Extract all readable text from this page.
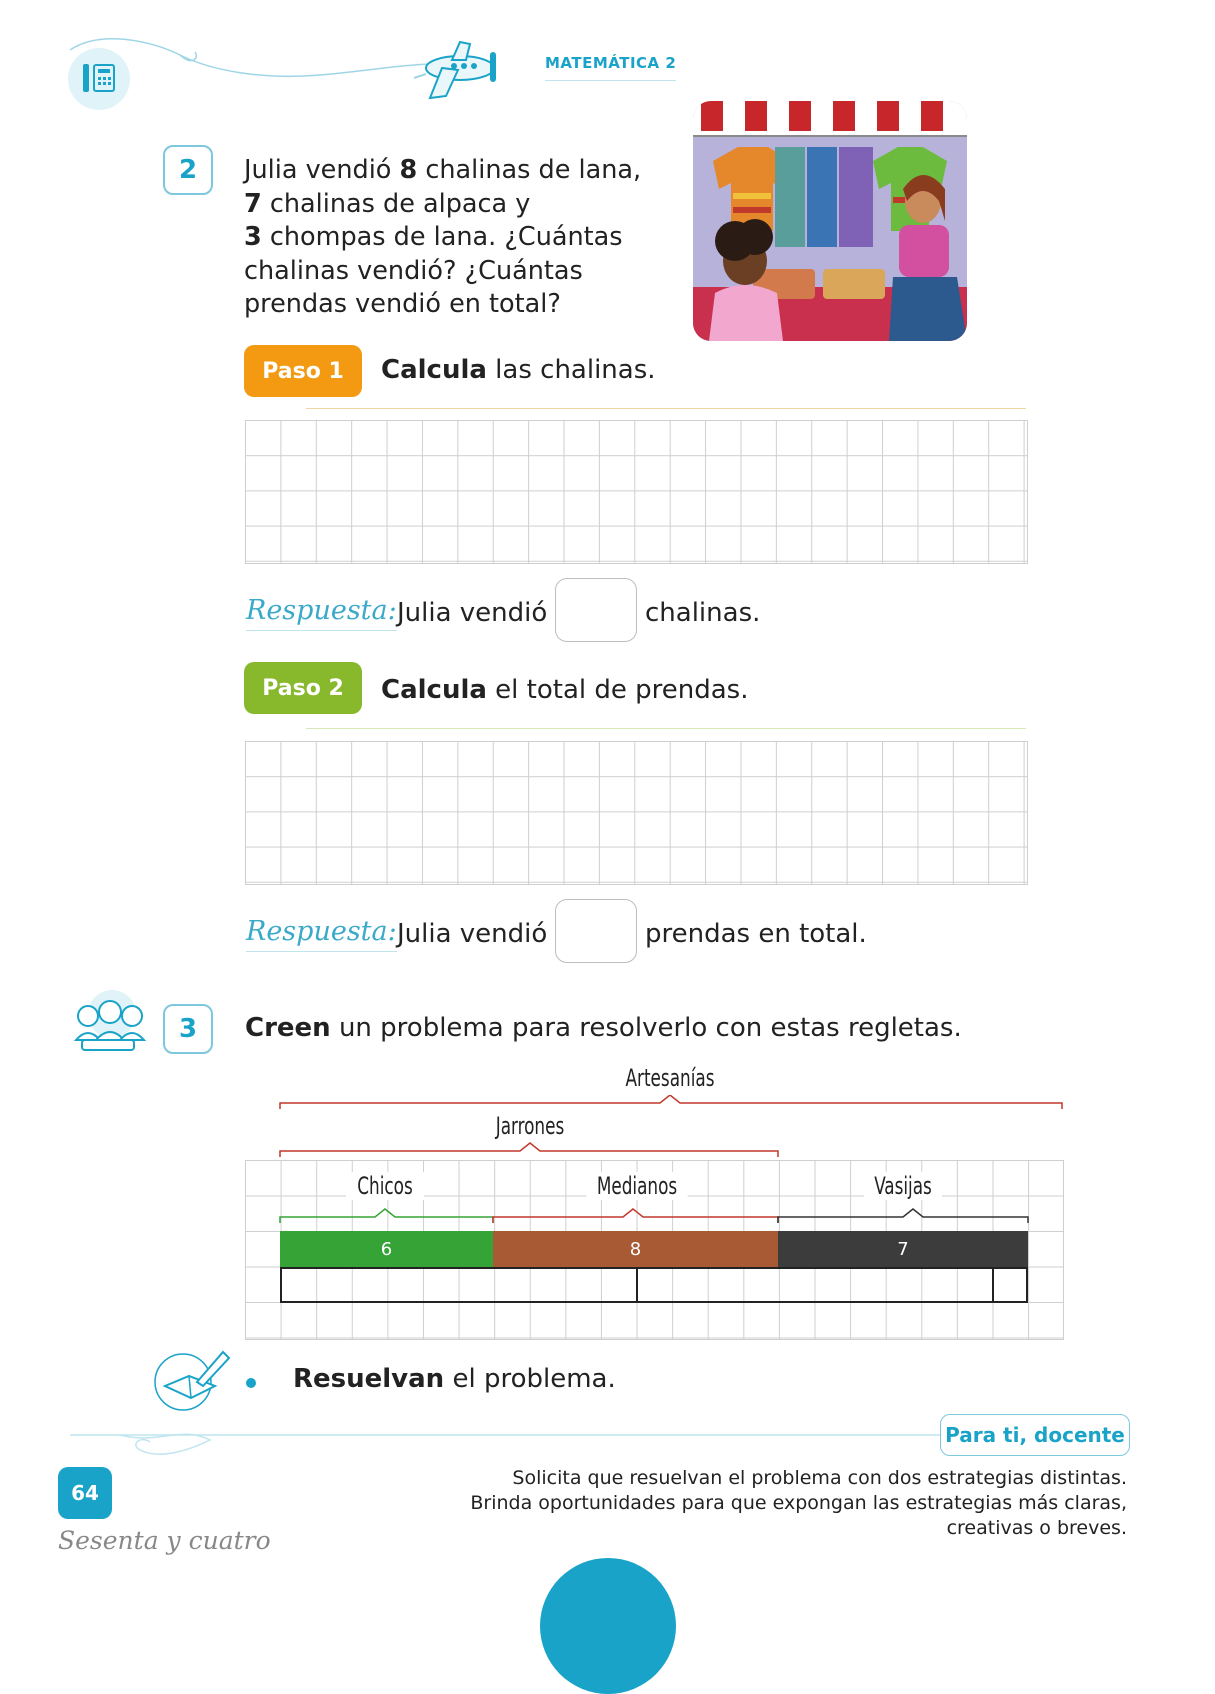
MATEMÁTICA 2
2	Julia vendió 8 chalinas de lana,
7 chalinas de alpaca y
3 chompas de lana. ¿Cuántas
chalinas vendió? ¿Cuántas
prendas vendió en total?
Paso 1	Calcula las chalinas.
Respuesta: Julia vendió	chalinas.
Paso 2	Calcula el total de prendas.
Respuesta: Julia vendió	prendas en total.
3	Creen un problema para resolverlo con estas regletas.
Artesanías
Jarrones
Chicos	Medianos	Vasijas
6	8	7
Resuelvan el problema.
Para ti, docente
Solicita que resuelvan el problema con dos estrategias distintas.
Brinda oportunidades para que expongan las estrategias más claras,
creativas o breves.
64
Sesenta y cuatro
